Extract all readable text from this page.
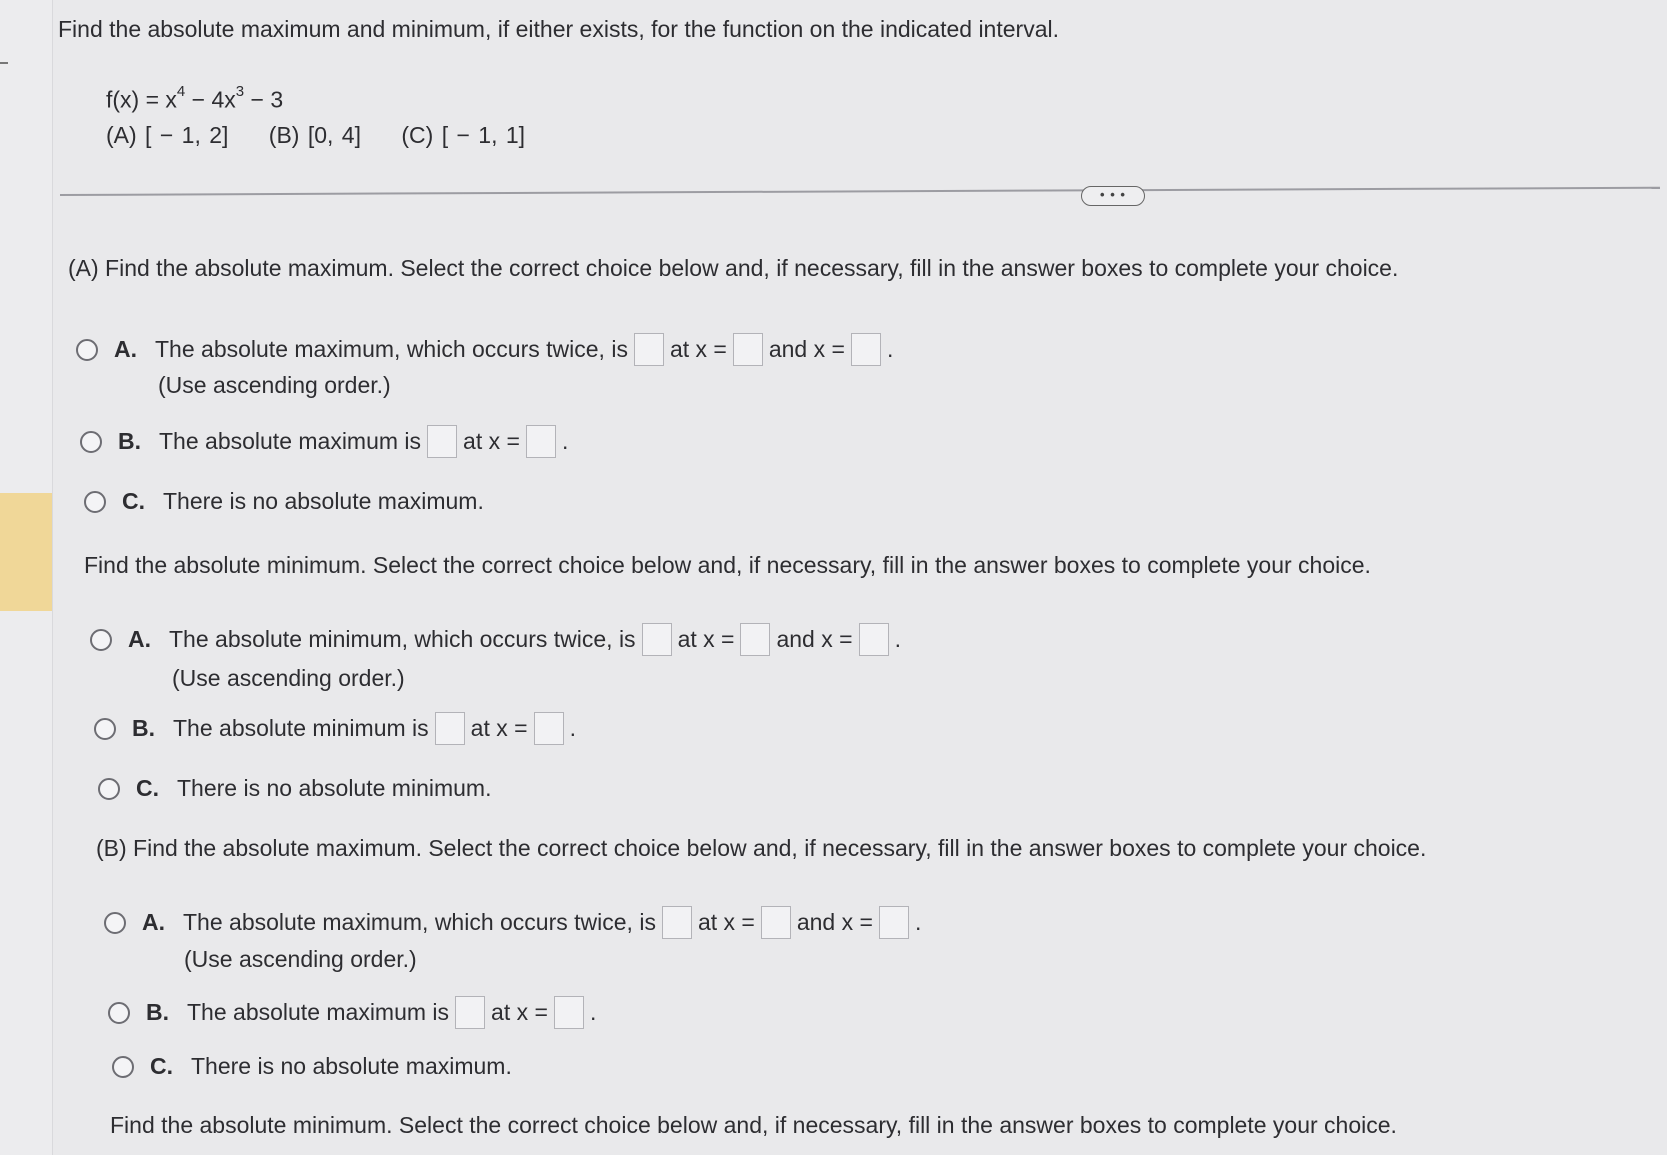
Find the absolute maximum and minimum, if either exists, for the function on the indicated interval.
$f(x) = x^4 - 4x^3 - 3$
(A) [ − 1, 2] (B) [0, 4] (C) [ − 1, 1]
• • •
(A) Find the absolute maximum. Select the correct choice below and, if necessary, fill in the answer boxes to complete your choice.
A. The absolute maximum, which occurs twice, is at x = and x = .
(Use ascending order.)
B. The absolute maximum is at x = .
C. There is no absolute maximum.
Find the absolute minimum. Select the correct choice below and, if necessary, fill in the answer boxes to complete your choice.
A. The absolute minimum, which occurs twice, is at x = and x = .
(Use ascending order.)
B. The absolute minimum is at x = .
C. There is no absolute minimum.
(B) Find the absolute maximum. Select the correct choice below and, if necessary, fill in the answer boxes to complete your choice.
A. The absolute maximum, which occurs twice, is at x = and x = .
(Use ascending order.)
B. The absolute maximum is at x = .
C. There is no absolute maximum.
Find the absolute minimum. Select the correct choice below and, if necessary, fill in the answer boxes to complete your choice.
